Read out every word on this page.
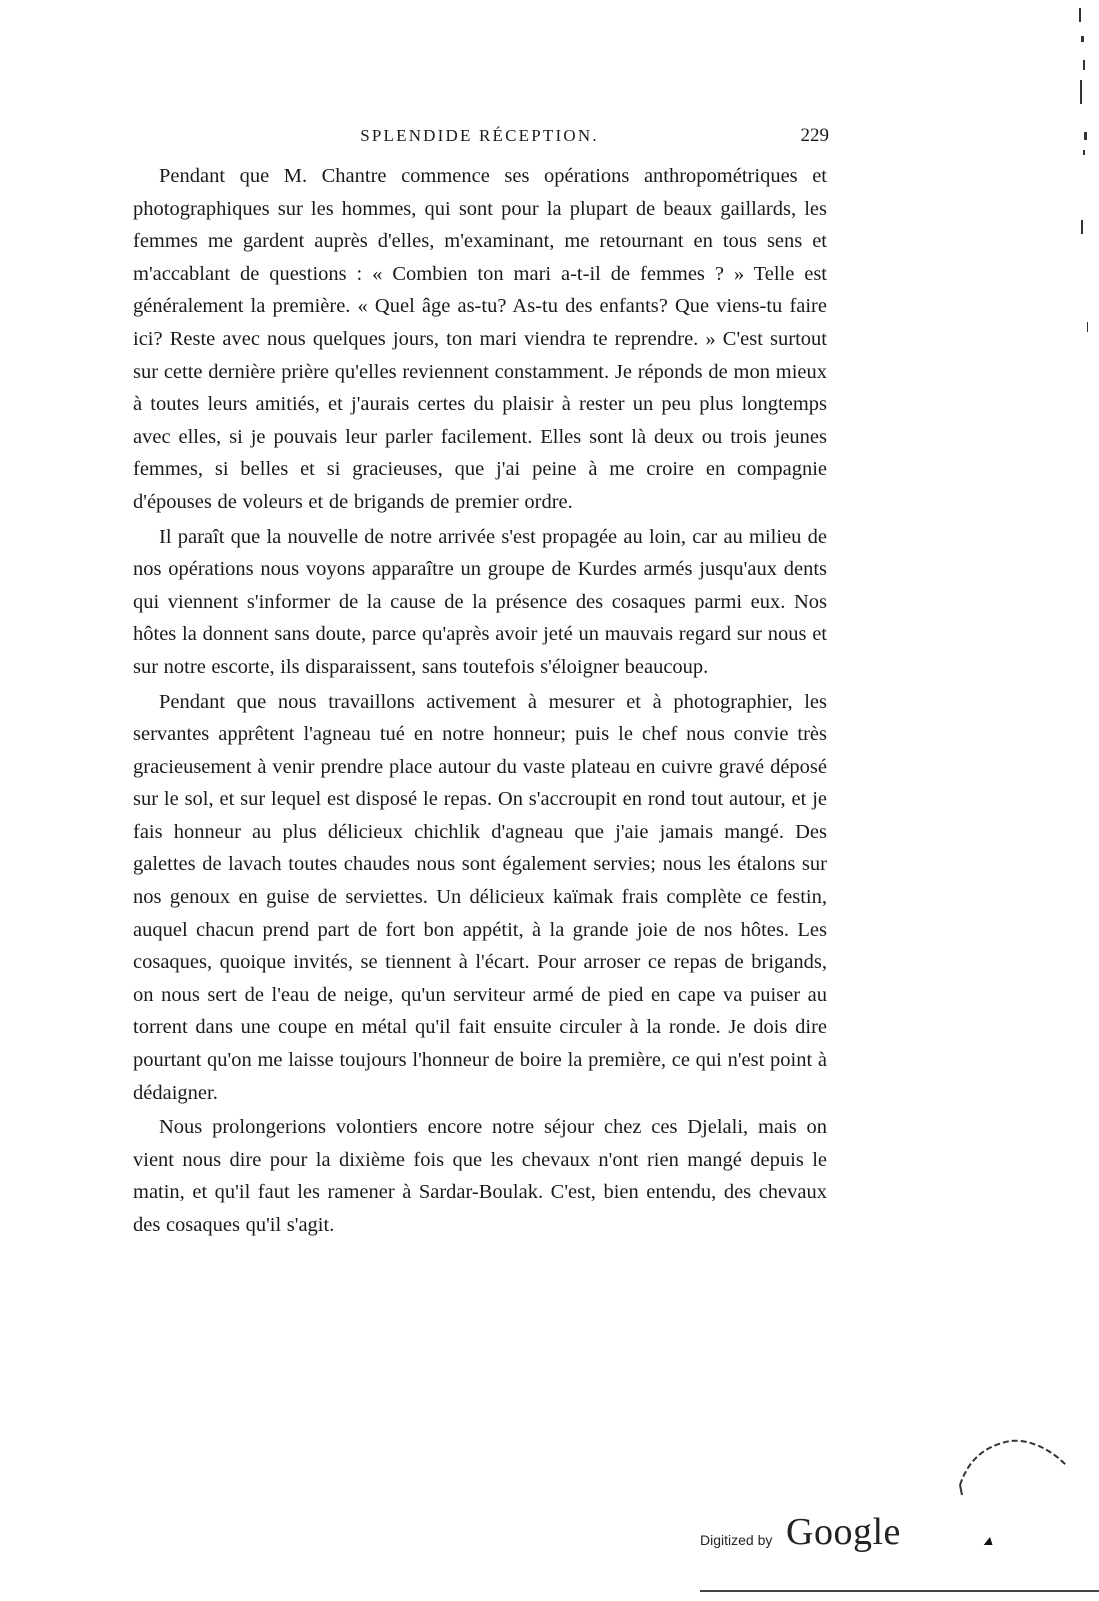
SPLENDIDE RÉCEPTION.	229

Pendant que M. Chantre commence ses opérations anthropométriques et photographiques sur les hommes, qui sont pour la plupart de beaux gaillards, les femmes me gardent auprès d'elles, m'examinant, me retournant en tous sens et m'accablant de questions : « Combien ton mari a-t-il de femmes ? » Telle est généralement la première. « Quel âge as-tu? As-tu des enfants? Que viens-tu faire ici? Reste avec nous quelques jours, ton mari viendra te reprendre. » C'est surtout sur cette dernière prière qu'elles reviennent constamment. Je réponds de mon mieux à toutes leurs amitiés, et j'aurais certes du plaisir à rester un peu plus longtemps avec elles, si je pouvais leur parler facilement. Elles sont là deux ou trois jeunes femmes, si belles et si gracieuses, que j'ai peine à me croire en compagnie d'épouses de voleurs et de brigands de premier ordre.

Il paraît que la nouvelle de notre arrivée s'est propagée au loin, car au milieu de nos opérations nous voyons apparaître un groupe de Kurdes armés jusqu'aux dents qui viennent s'informer de la cause de la présence des cosaques parmi eux. Nos hôtes la donnent sans doute, parce qu'après avoir jeté un mauvais regard sur nous et sur notre escorte, ils disparaissent, sans toutefois s'éloigner beaucoup.

Pendant que nous travaillons activement à mesurer et à photographier, les servantes apprêtent l'agneau tué en notre honneur; puis le chef nous convie très gracieusement à venir prendre place autour du vaste plateau en cuivre gravé déposé sur le sol, et sur lequel est disposé le repas. On s'accroupit en rond tout autour, et je fais honneur au plus délicieux chichlik d'agneau que j'aie jamais mangé. Des galettes de lavach toutes chaudes nous sont également servies; nous les étalons sur nos genoux en guise de serviettes. Un délicieux kaïmak frais complète ce festin, auquel chacun prend part de fort bon appétit, à la grande joie de nos hôtes. Les cosaques, quoique invités, se tiennent à l'écart. Pour arroser ce repas de brigands, on nous sert de l'eau de neige, qu'un serviteur armé de pied en cape va puiser au torrent dans une coupe en métal qu'il fait ensuite circuler à la ronde. Je dois dire pourtant qu'on me laisse toujours l'honneur de boire la première, ce qui n'est point à dédaigner.

Nous prolongerions volontiers encore notre séjour chez ces Djelali, mais on vient nous dire pour la dixième fois que les chevaux n'ont rien mangé depuis le matin, et qu'il faut les ramener à Sardar-Boulak. C'est, bien entendu, des chevaux des cosaques qu'il s'agit.

Digitized by Google
